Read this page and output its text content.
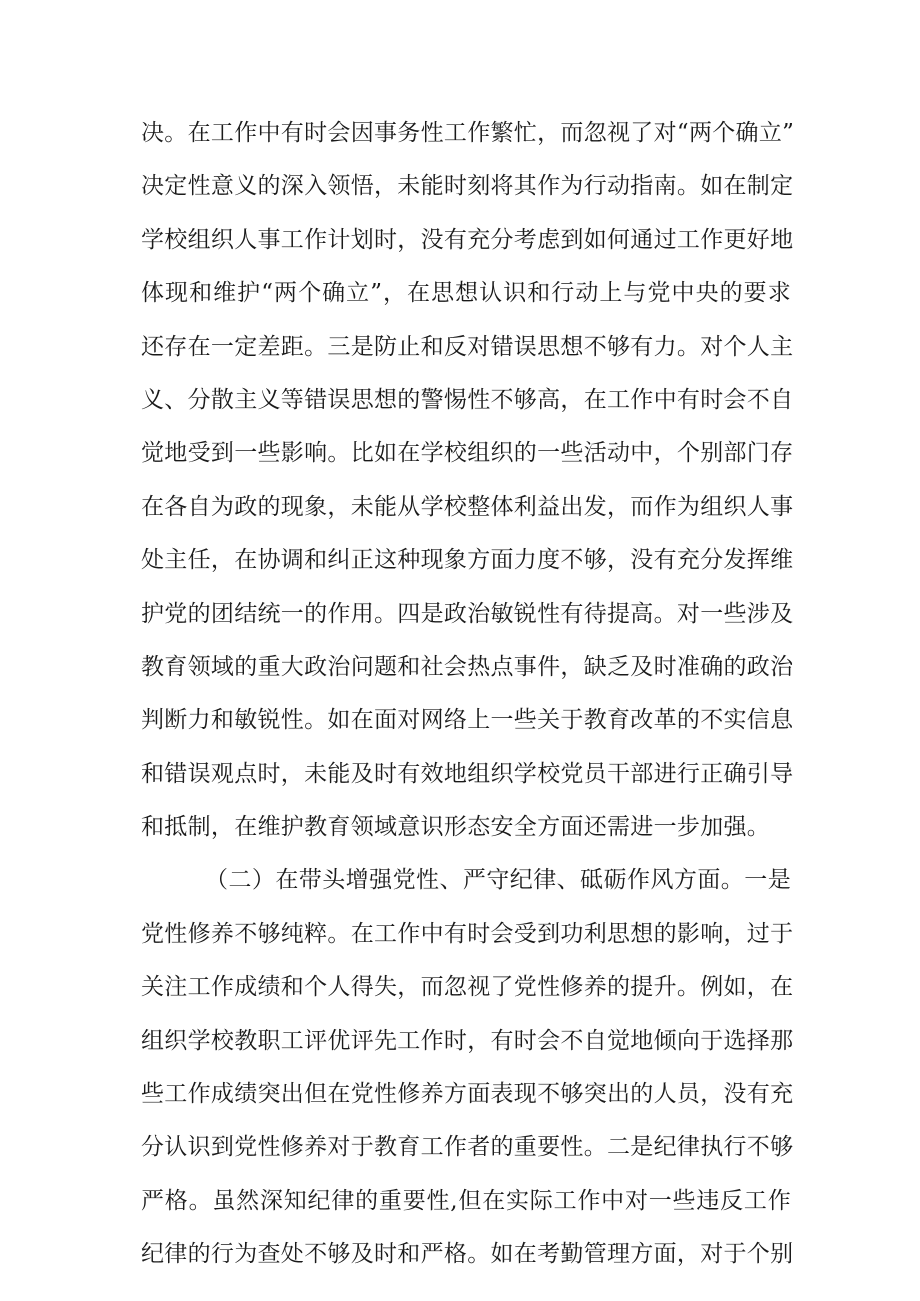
决。在工作中有时会因事务性工作繁忙，而忽视了对“两个确立”
决定性意义的深入领悟，未能时刻将其作为行动指南。如在制定
学校组织人事工作计划时，没有充分考虑到如何通过工作更好地
体现和维护“两个确立”，在思想认识和行动上与党中央的要求
还存在一定差距。三是防止和反对错误思想不够有力。对个人主
义、分散主义等错误思想的警惕性不够高，在工作中有时会不自
觉地受到一些影响。比如在学校组织的一些活动中，个别部门存
在各自为政的现象，未能从学校整体利益出发，而作为组织人事
处主任，在协调和纠正这种现象方面力度不够，没有充分发挥维
护党的团结统一的作用。四是政治敏锐性有待提高。对一些涉及
教育领域的重大政治问题和社会热点事件，缺乏及时准确的政治
判断力和敏锐性。如在面对网络上一些关于教育改革的不实信息
和错误观点时，未能及时有效地组织学校党员干部进行正确引导
和抵制，在维护教育领域意识形态安全方面还需进一步加强。
（二）在带头增强党性、严守纪律、砥砺作风方面。一是
党性修养不够纯粹。在工作中有时会受到功利思想的影响，过于
关注工作成绩和个人得失，而忽视了党性修养的提升。例如，在
组织学校教职工评优评先工作时，有时会不自觉地倾向于选择那
些工作成绩突出但在党性修养方面表现不够突出的人员，没有充
分认识到党性修养对于教育工作者的重要性。二是纪律执行不够
严格。虽然深知纪律的重要性,但在实际工作中对一些违反工作
纪律的行为查处不够及时和严格。如在考勤管理方面，对于个别
